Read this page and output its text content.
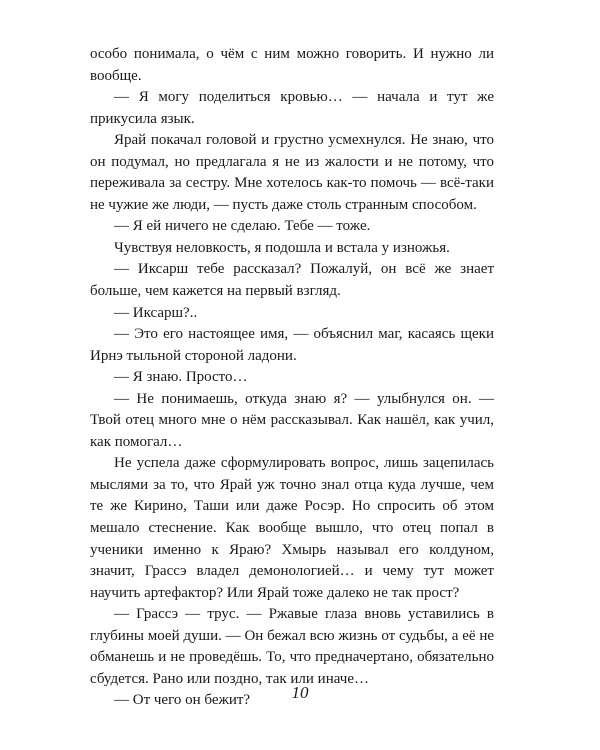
особо понимала, о чём с ним можно говорить. И нужно ли вообще.

— Я могу поделиться кровью… — начала и тут же прикусила язык.

Ярай покачал головой и грустно усмехнулся. Не знаю, что он подумал, но предлагала я не из жалости и не потому, что переживала за сестру. Мне хотелось как-то помочь — всё-таки не чужие же люди, — пусть даже столь странным способом.

— Я ей ничего не сделаю. Тебе — тоже.

Чувствуя неловкость, я подошла и встала у изножья.

— Иксарш тебе рассказал? Пожалуй, он всё же знает больше, чем кажется на первый взгляд.

— Иксарш?..

— Это его настоящее имя, — объяснил маг, касаясь щеки Ирнэ тыльной стороной ладони.

— Я знаю. Просто…

— Не понимаешь, откуда знаю я? — улыбнулся он. — Твой отец много мне о нём рассказывал. Как нашёл, как учил, как помогал…

Не успела даже сформулировать вопрос, лишь зацепилась мыслями за то, что Ярай уж точно знал отца куда лучше, чем те же Кирино, Таши или даже Росэр. Но спросить об этом мешало стеснение. Как вообще вышло, что отец попал в ученики именно к Яраю? Хмырь называл его колдуном, значит, Грассэ владел демонологией… и чему тут может научить артефактор? Или Ярай тоже далеко не так прост?

— Грассэ — трус. — Ржавые глаза вновь уставились в глубины моей души. — Он бежал всю жизнь от судьбы, а её не обманешь и не проведёшь. То, что предначертано, обязательно сбудется. Рано или поздно, так или иначе…

— От чего он бежит?	10
